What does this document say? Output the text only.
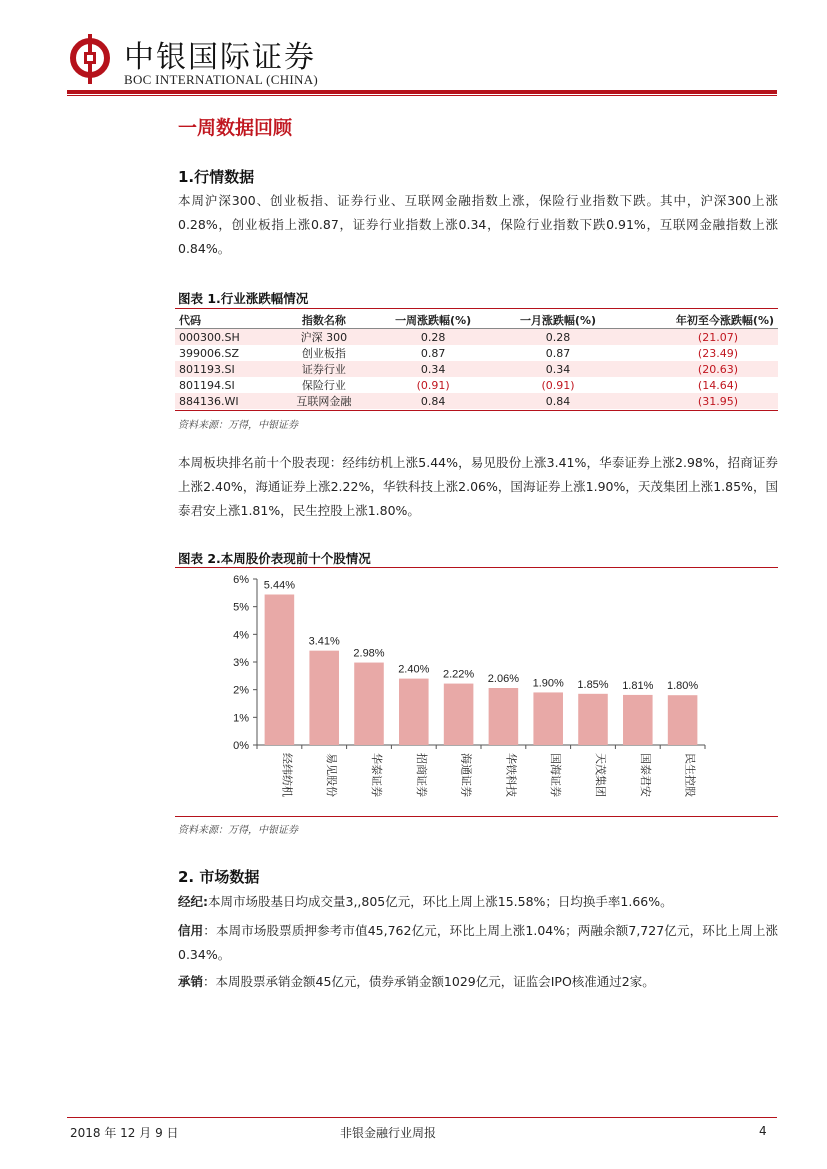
中银国际证券
BOC INTERNATIONAL (CHINA)
一周数据回顾
1.行情数据
本周沪深300、创业板指、证券行业、互联网金融指数上涨，保险行业指数下跌。其中，沪深300上涨0.28%，创业板指上涨0.87，证券行业指数上涨0.34，保险行业指数下跌0.91%，互联网金融指数上涨0.84%。
图表 1.行业涨跌幅情况
代码	指数名称	一周涨跌幅(%)	一月涨跌幅(%)	年初至今涨跌幅(%)
000300.SH	沪深 300	0.28	0.28	(21.07)
399006.SZ	创业板指	0.87	0.87	(23.49)
801193.SI	证券行业	0.34	0.34	(20.63)
801194.SI	保险行业	(0.91)	(0.91)	(14.64)
884136.WI	互联网金融	0.84	0.84	(31.95)
资料来源：万得，中银证券
本周板块排名前十个股表现：经纬纺机上涨5.44%，易见股份上涨3.41%，华泰证券上涨2.98%，招商证券上涨2.40%，海通证券上涨2.22%，华铁科技上涨2.06%，国海证券上涨1.90%，天茂集团上涨1.85%，国泰君安上涨1.81%，民生控股上涨1.80%。
图表 2.本周股价表现前十个股情况
0%
1%
2%
3%
4%
5%
6% 5.44%
经纬纺机
3.41%
易见股份
2.98%
华泰证券
2.40%
招商证券
2.22%
海通证券
2.06%
华铁科技
1.90%
国海证券
1.85%
天茂集团
1.81%
国泰君安
1.80%
民生控股
资料来源：万得，中银证券
2. 市场数据
经纪:本周市场股基日均成交量3,,805亿元，环比上周上涨15.58%；日均换手率1.66%。
信用：本周市场股票质押参考市值45,762亿元，环比上周上涨1.04%；两融余额7,727亿元，环比上周上涨0.34%。
承销：本周股票承销金额45亿元，债券承销金额1029亿元，证监会IPO核准通过2家。
2018 年 12 月 9 日	非银金融行业周报	4
